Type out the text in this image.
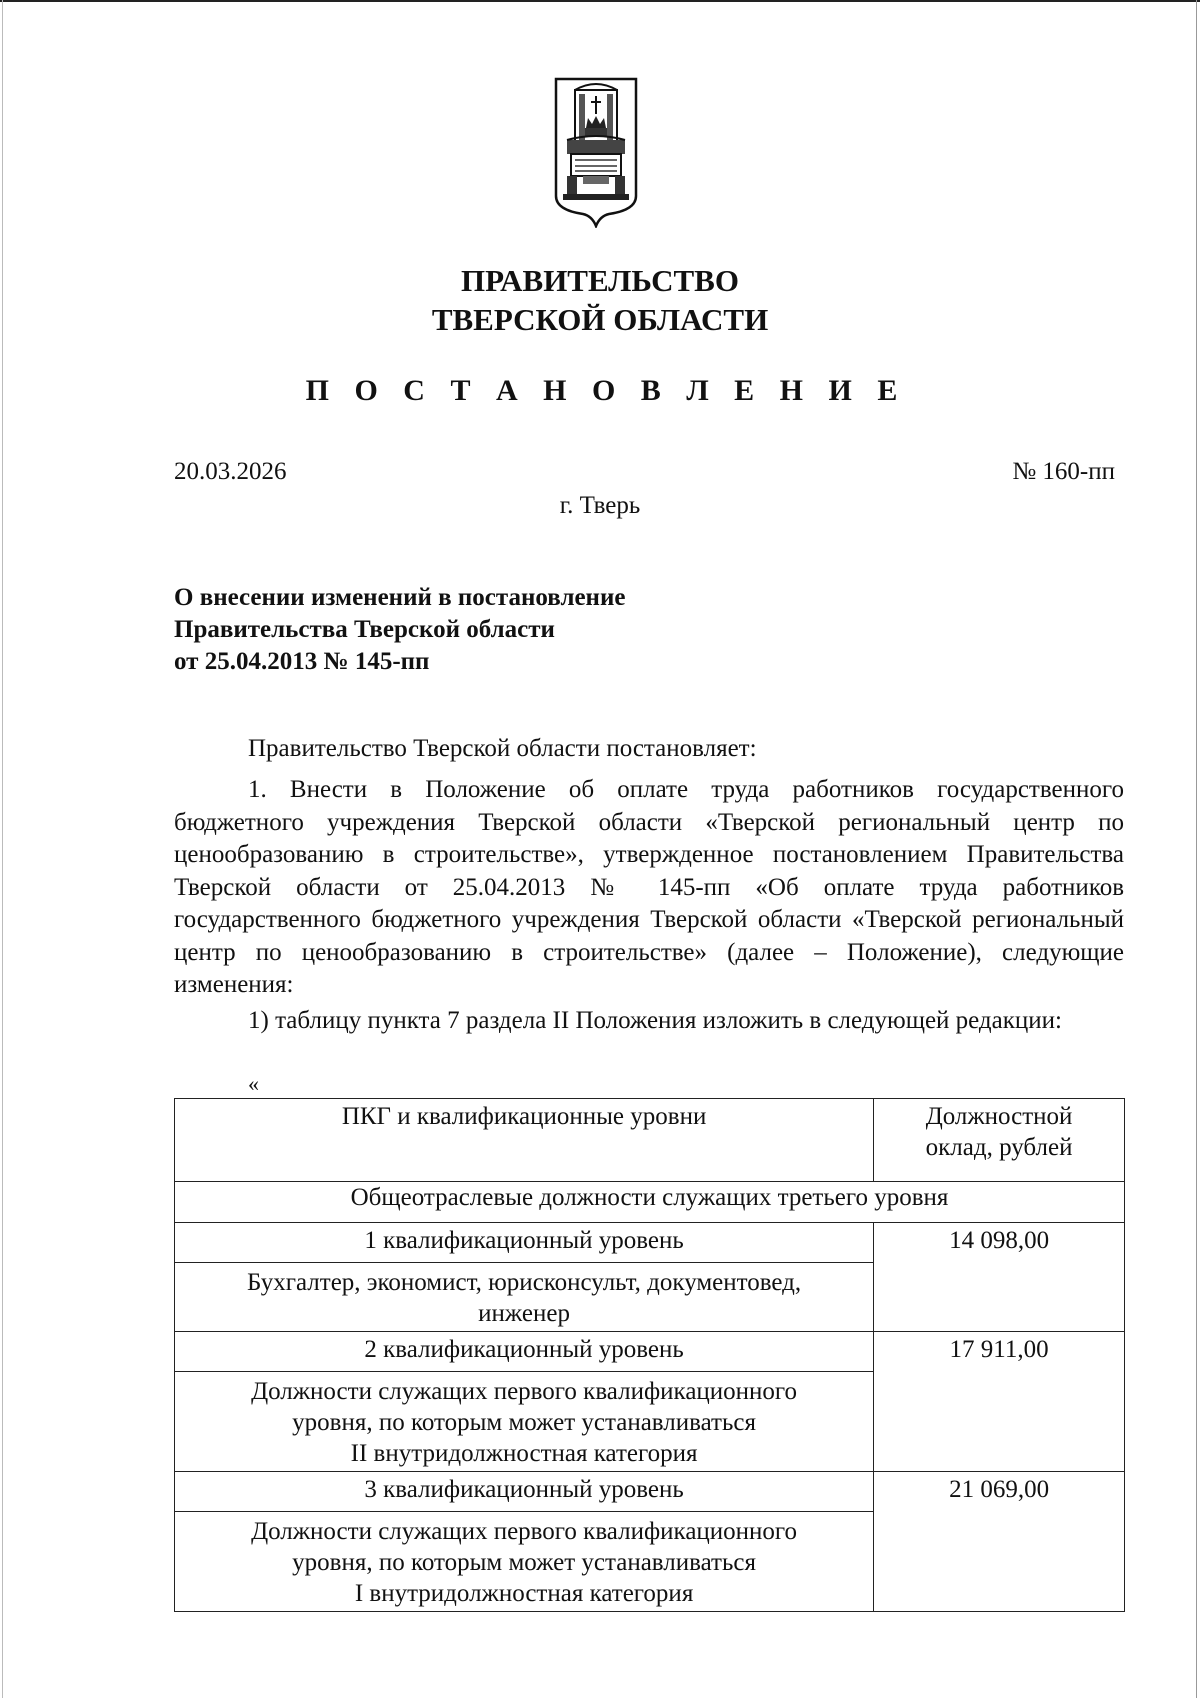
ПРАВИТЕЛЬСТВО
ТВЕРСКОЙ ОБЛАСТИ
П О С Т А Н О В Л Е Н И Е
20.03.2026	№ 160-пп
г. Тверь
О внесении изменений в постановление
Правительства Тверской области
от 25.04.2013 № 145-пп
Правительство Тверской области постановляет:
1. Внести в Положение об оплате труда работников государственного бюджетного учреждения Тверской области «Тверской региональный центр по ценообразованию в строительстве», утвержденное постановлением Правительства Тверской области от 25.04.2013 № 145-пп «Об оплате труда работников государственного бюджетного учреждения Тверской области «Тверской региональный центр по ценообразованию в строительстве» (далее – Положение), следующие изменения:
1) таблицу пункта 7 раздела II Положения изложить в следующей редакции:
«
ПКГ и квалификационные уровни	Должностной
оклад, рублей

Общеотраслевые должности служащих третьего уровня	
1 квалификационный уровень	14 098,00

Бухгалтер, экономист, юрисконсульт, документовед,
инженер	

2 квалификационный уровень	17 911,00

Должности служащих первого квалификационного
уровня, по которым может устанавливаться
II внутридолжностная категория	

3 квалификационный уровень	21 069,00

Должности служащих первого квалификационного
уровня, по которым может устанавливаться
I внутридолжностная категория	
